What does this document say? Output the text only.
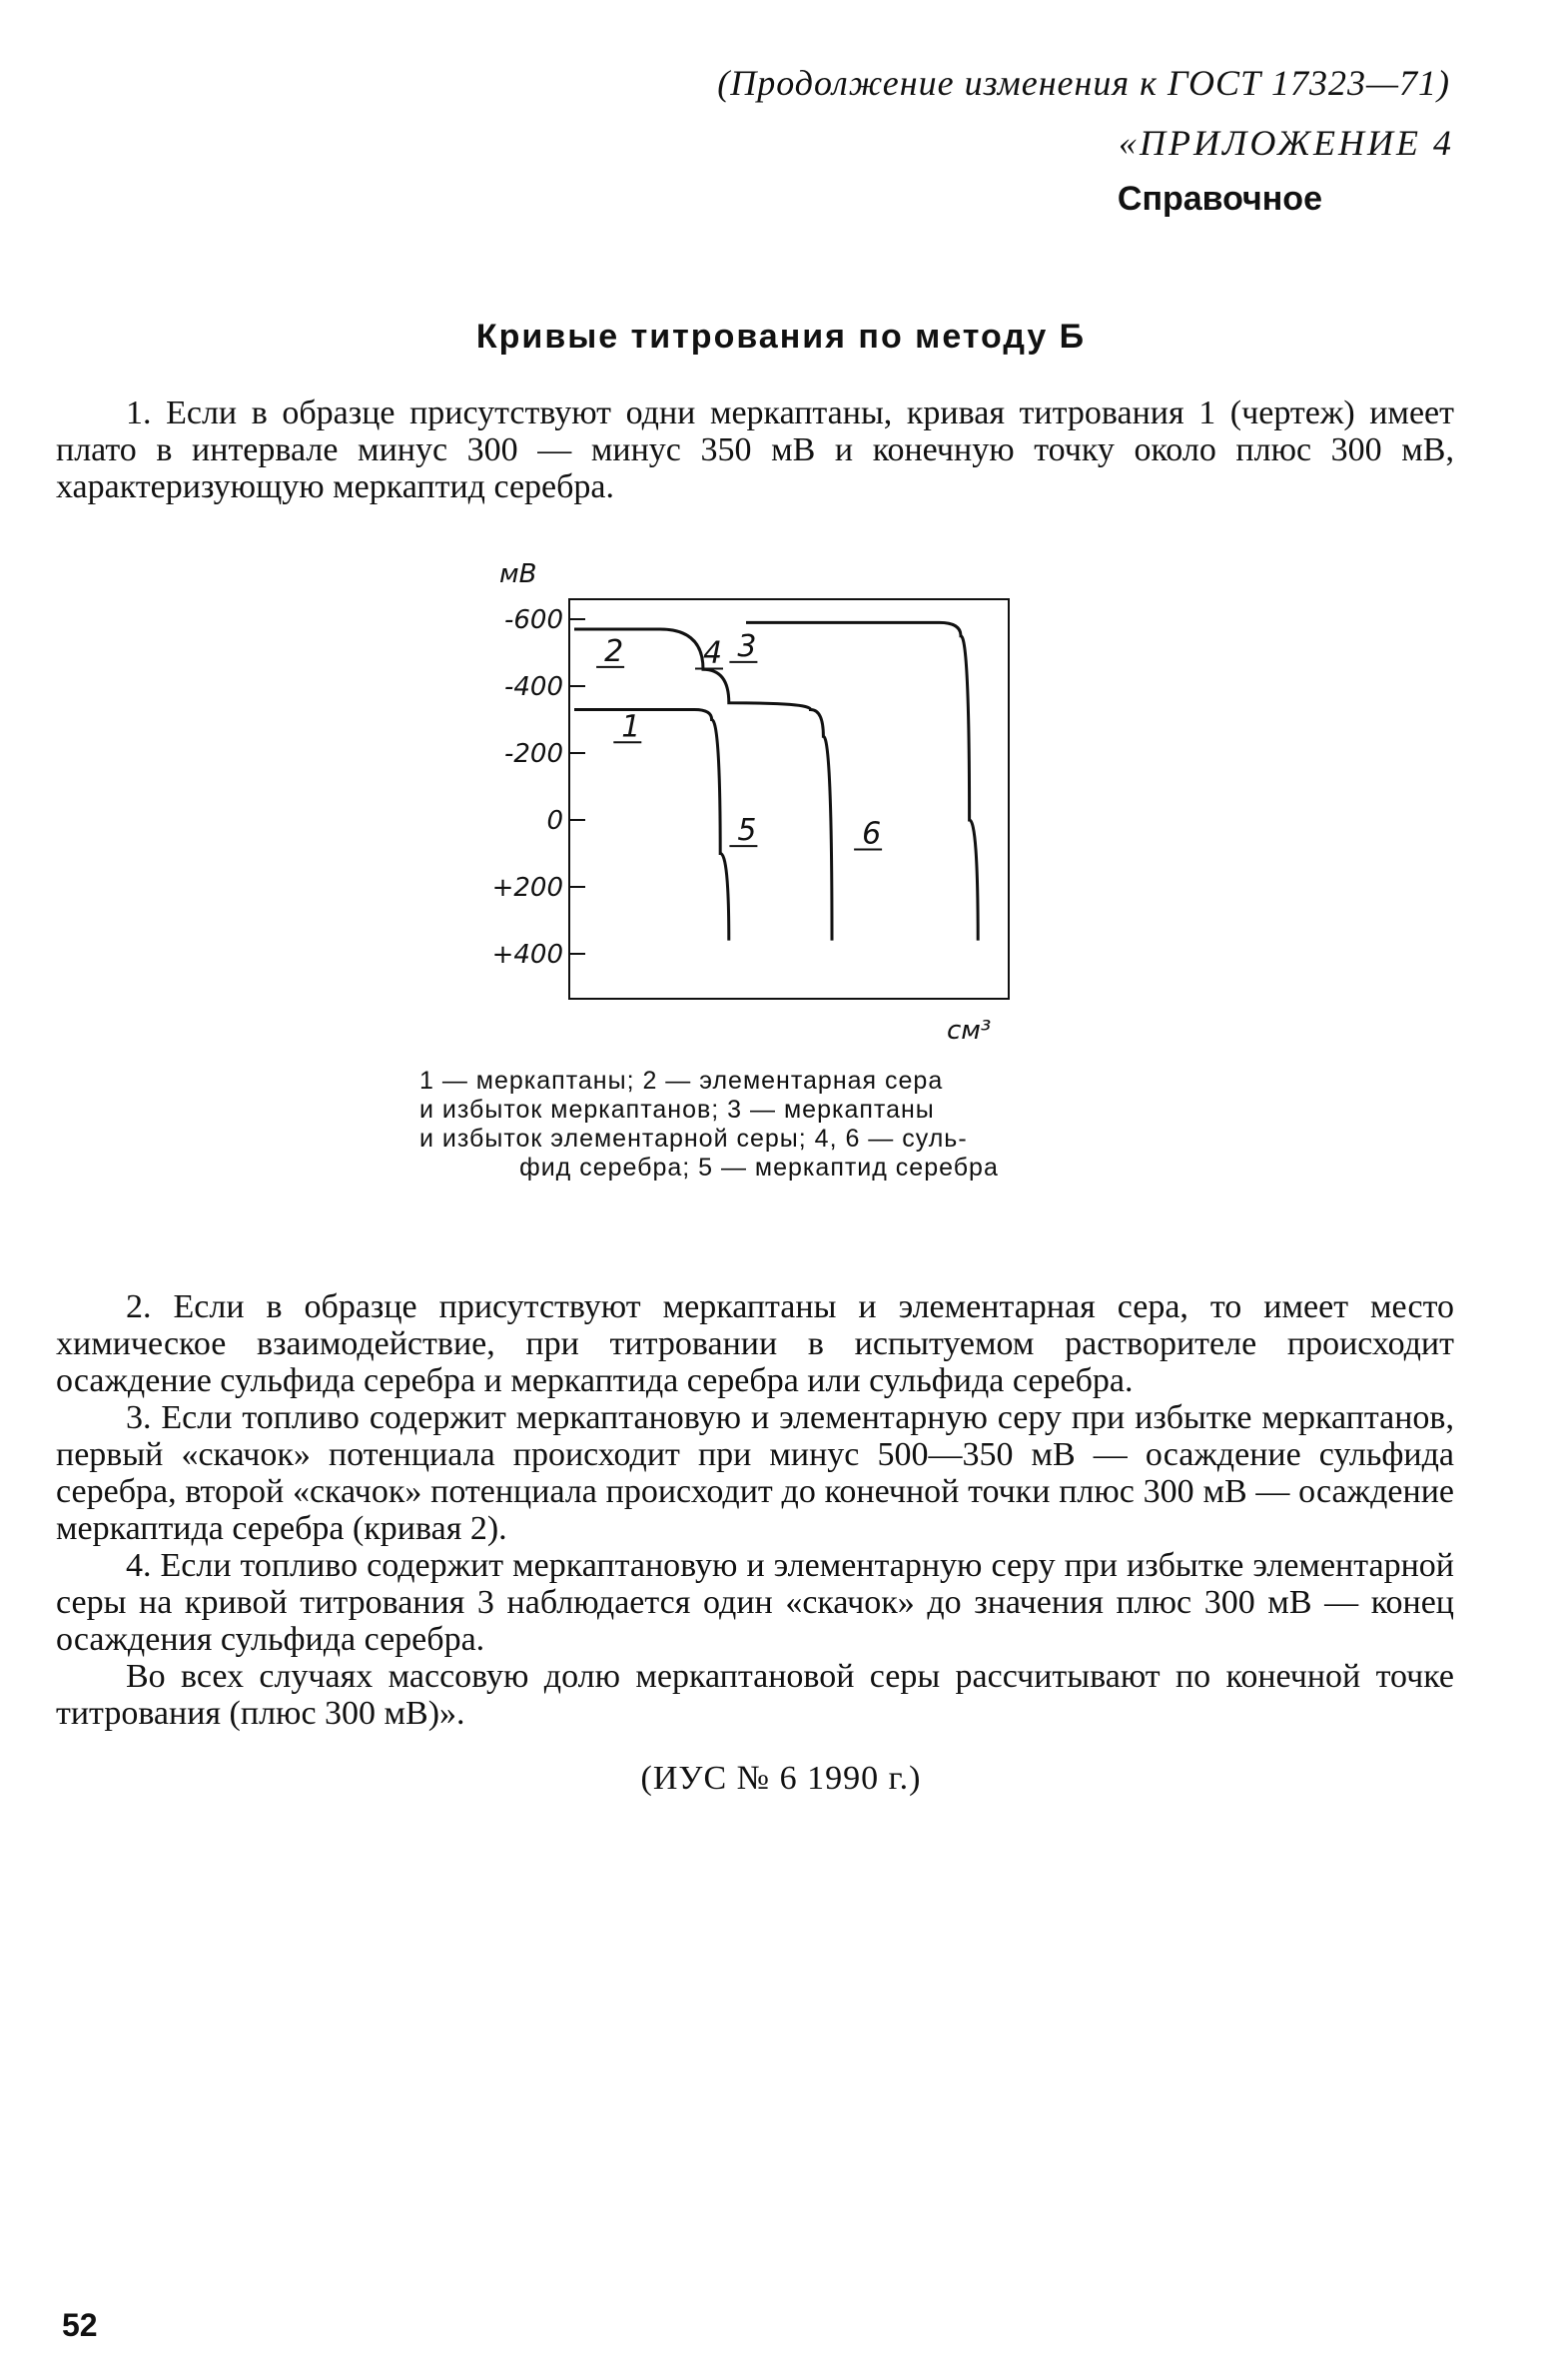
(Продолжение изменения к ГОСТ 17323—71)
«ПРИЛОЖЕНИЕ 4
Справочное
Кривые титрования по методу Б

1. Если в образце присутствуют одни меркаптаны, кривая титрования 1 (чертеж) имеет плато в интервале минус 300 — минус 350 мВ и конечную точку около плюс 300 мВ, характеризующую меркаптид серебра.

мВ
см³
-600
-400
-200
0
+200
+400
1
2	3
4
5	6
1 — меркаптаны; 2 — элементарная сера
и избыток меркаптанов; 3 — меркаптаны
и избыток элементарной серы; 4, 6 — суль-

фид серебра; 5 — меркаптид серебра

2. Если в образце присутствуют меркаптаны и элементарная сера, то имеет место химическое взаимодействие, при титровании в испытуемом растворителе происходит осаждение сульфида серебра и меркаптида серебра или сульфида серебра.

3. Если топливо содержит меркаптановую и элементарную серу при избытке меркаптанов, первый «скачок» потенциала происходит при минус 500—350 мВ — осаждение сульфида серебра, второй «скачок» потенциала происходит до конечной точки плюс 300 мВ — осаждение меркаптида серебра (кривая 2).

4. Если топливо содержит меркаптановую и элементарную серу при избытке элементарной серы на кривой титрования 3 наблюдается один «скачок» до значения плюс 300 мВ — конец осаждения сульфида серебра.

Во всех случаях массовую долю меркаптановой серы рассчитывают по конечной точке титрования (плюс 300 мВ)».

(ИУС № 6 1990 г.)
52
